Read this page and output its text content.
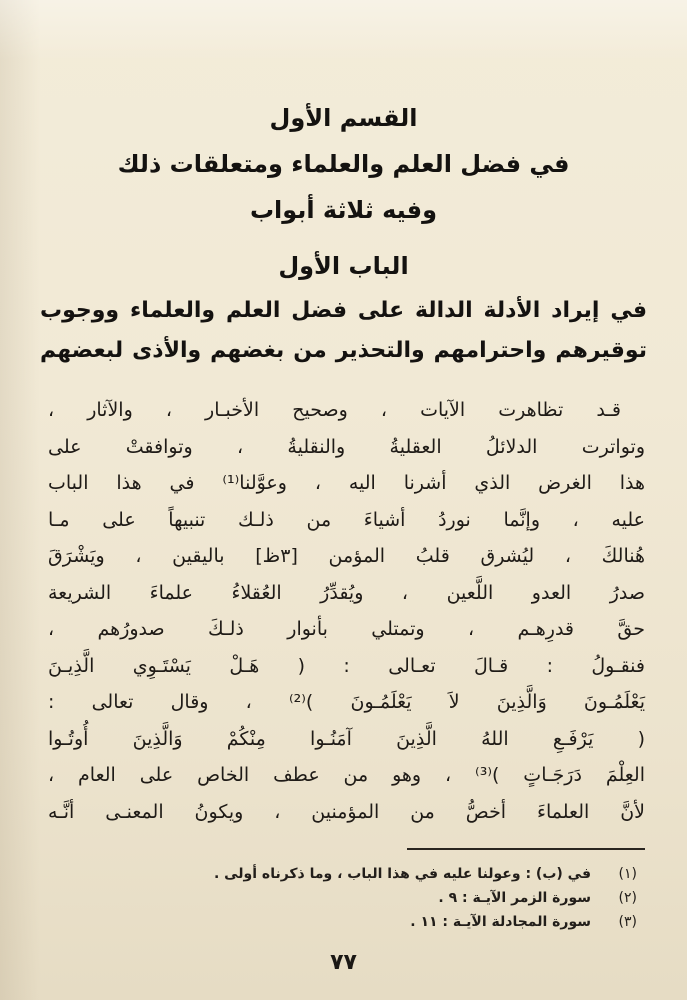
القسم الأول
في فضل العلم والعلماء ومتعلقات ذلك
وفيه ثلاثة أبواب
الباب الأول
في إيراد الأدلة الدالة على فضل العلم والعلماء ووجوب
توقيرهم واحترامهم والتحذير من بغضهم والأذى لبعضهم
قـد تظاهرت الآيات ، وصحيح الأخبـار ، والآثار ،
وتواترت الدلائلُ العقليةُ والنقليةُ ، وتوافقتْ على
هذا الغرض الذي أشرنا اليه ، وعوَّلنا⁽¹⁾ في هذا الباب
عليه ، وإنَّما نوردُ أشياءَ من ذلـك تنبيهاً على مـا
هُنالكَ ، ليُشرق قلبُ المؤمن [٣ظ] باليقين ، ويَشْرَقَ
صدرُ العدو اللَّعين ، ويُقدِّرُ العُقلاءُ علماءَ الشريعة
حقَّ قدرِهـم ، وتمتلي بأنوار ذلـكَ صدورُهم ،
فنقـولُ : قـالَ تعـالى : ( هَـلْ يَسْتَـوِي الَّذِيـنَ
يَعْلَمُـونَ وَالَّذِينَ لاَ يَعْلَمُـونَ )⁽²⁾ ، وقال تعالى :
( يَرْفَـعِ اللهُ الَّذِينَ آمَنُـوا مِنْكُمْ وَالَّذِينَ أُوتُـوا
العِلْمَ دَرَجَـاتٍ )⁽³⁾ ، وهو من عطف الخاص على العام ،
لأنَّ العلماءَ أخصُّ من المؤمنين ، ويكونُ المعنـى أنَّـه
(١)
في (ب) : وعولنا عليه في هذا الباب ، وما ذكرناه أولى .
(٢)
سورة الزمر الآيـة : ٩ .
(٣)
سورة المجادلة الآيـة : ١١ .
٧٧
